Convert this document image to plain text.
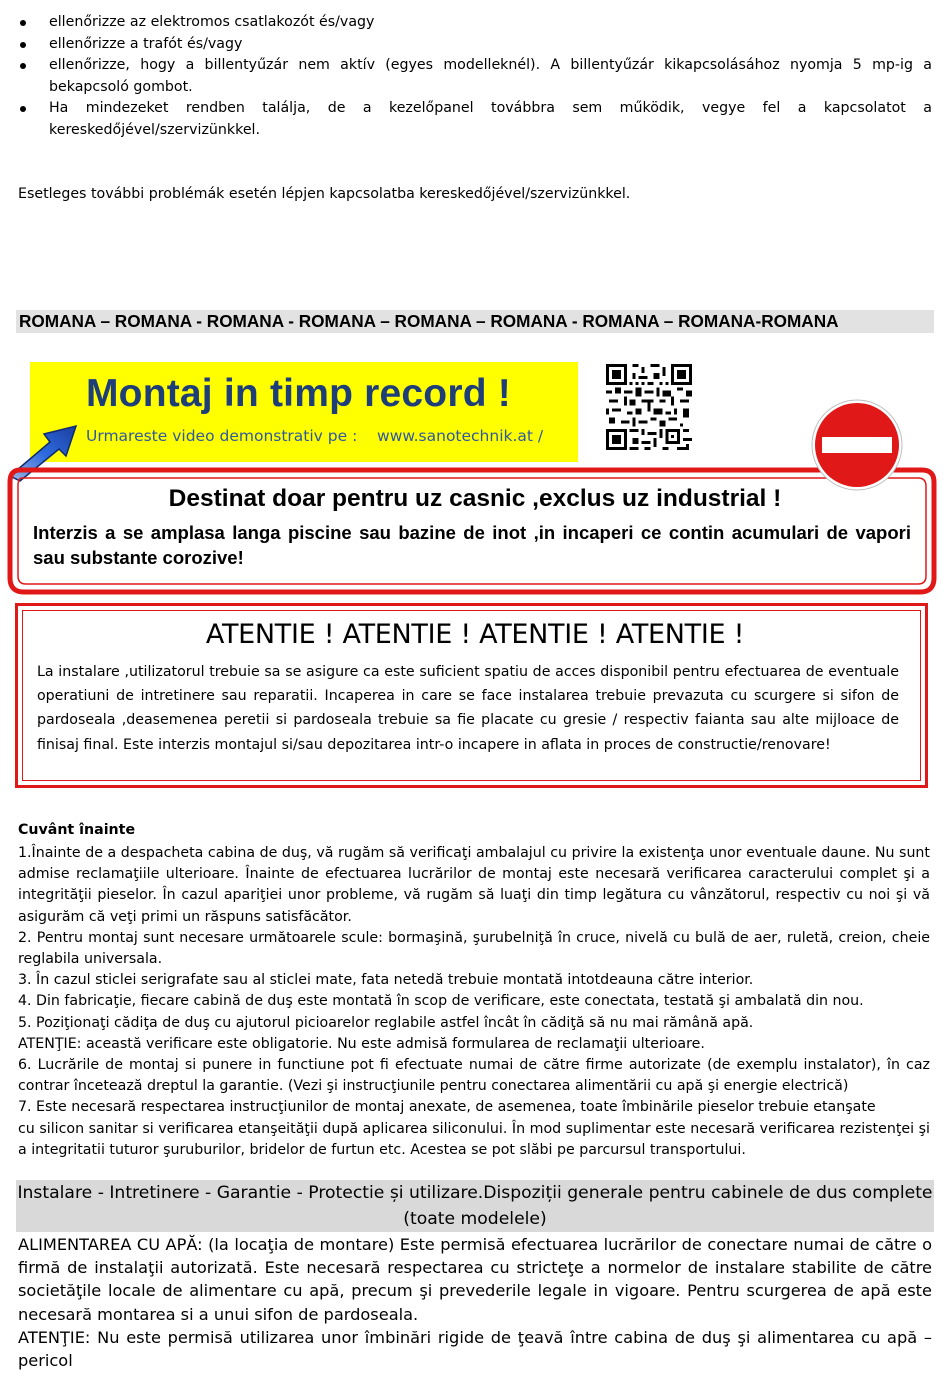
ellenőrizze az elektromos csatlakozót és/vagy
ellenőrizze a trafót és/vagy
ellenőrizze, hogy a billentyűzár nem aktív (egyes modelleknél). A billentyűzár kikapcsolásához nyomja 5 mp-ig a bekapcsoló gombot.
Ha mindezeket rendben találja, de a kezelőpanel továbbra sem működik, vegye fel a kapcsolatot a kereskedőjével/szervizünkkel.
Esetleges további problémák esetén lépjen kapcsolatba kereskedőjével/szervizünkkel.
ROMANA – ROMANA - ROMANA - ROMANA – ROMANA – ROMANA - ROMANA – ROMANA-ROMANA
Montaj in timp record !
Urmareste video demonstrativ pe :    www.sanotechnik.at /
Destinat doar pentru uz casnic ,exclus uz industrial !
Interzis a se amplasa langa piscine sau bazine de inot ,in incaperi ce contin acumulari de vapori sau substante corozive!
ATENTIE ! ATENTIE ! ATENTIE ! ATENTIE !
La instalare ,utilizatorul trebuie sa se asigure ca este suficient spatiu de acces disponibil pentru efectuarea de eventuale operatiuni de intretinere sau reparatii. Incaperea in care se face instalarea trebuie prevazuta cu scurgere si sifon de pardoseala ,deasemenea peretii si pardoseala trebuie sa fie placate cu gresie / respectiv faianta sau alte mijloace de finisaj final. Este interzis montajul si/sau depozitarea intr-o incapere in aflata in proces de constructie/renovare!
Cuvânt înainte

1.Înainte de a despacheta cabina de duş, vă rugăm să verificaţi ambalajul cu privire la existenţa unor eventuale daune. Nu sunt admise reclamaţiile ulterioare. Înainte de efectuarea lucrărilor de montaj este necesară verificarea caracterului complet şi a integrităţii pieselor. În cazul apariţiei unor probleme, vă rugăm să luaţi din timp legătura cu vânzătorul, respectiv cu noi şi vă asigurăm că veţi primi un răspuns satisfăcător.

2. Pentru montaj sunt necesare următoarele scule: bormaşină, şurubelniţă în cruce, nivelă cu bulă de aer, ruletă, creion, cheie reglabila universala.

3. În cazul sticlei serigrafate sau al sticlei mate, fata netedă trebuie montată intotdeauna către interior.

4. Din fabricaţie, fiecare cabină de duş este montată în scop de verificare, este conectata, testată şi ambalată din nou.

5. Poziţionaţi cădiţa de duş cu ajutorul picioarelor reglabile astfel încât în cădiţă să nu mai rămână apă.

ATENŢIE: această verificare este obligatorie. Nu este admisă formularea de reclamaţii ulterioare.

6. Lucrările de montaj si punere in functiune pot fi efectuate numai de către firme autorizate (de exemplu instalator), în caz contrar încetează dreptul la garantie. (Vezi şi instrucţiunile pentru conectarea alimentării cu apă şi energie electrică)

7. Este necesară respectarea instrucţiunilor de montaj anexate, de asemenea, toate îmbinările pieselor trebuie etanşate

cu silicon sanitar si verificarea etanşeităţii după aplicarea siliconului. În mod suplimentar este necesară verificarea rezistenţei şi a integritatii tuturor şuruburilor, bridelor de furtun etc. Acestea se pot slăbi pe parcursul transportului.

Instalare - Intretinere - Garantie - Protectie și utilizare.Dispoziții generale pentru cabinele de dus complete (toate modelele)

ALIMENTAREA CU APĂ: (la locaţia de montare) Este permisă efectuarea lucrărilor de conectare numai de către o firmă de instalaţii autorizată. Este necesară respectarea cu stricteţe a normelor de instalare stabilite de către societăţile locale de alimentare cu apă, precum şi prevederile legale in vigoare. Pentru scurgerea de apă este necesară montarea si a unui sifon de pardoseala.

ATENŢIE: Nu este permisă utilizarea unor îmbinări rigide de ţeavă între cabina de duş şi alimentarea cu apă – pericol
